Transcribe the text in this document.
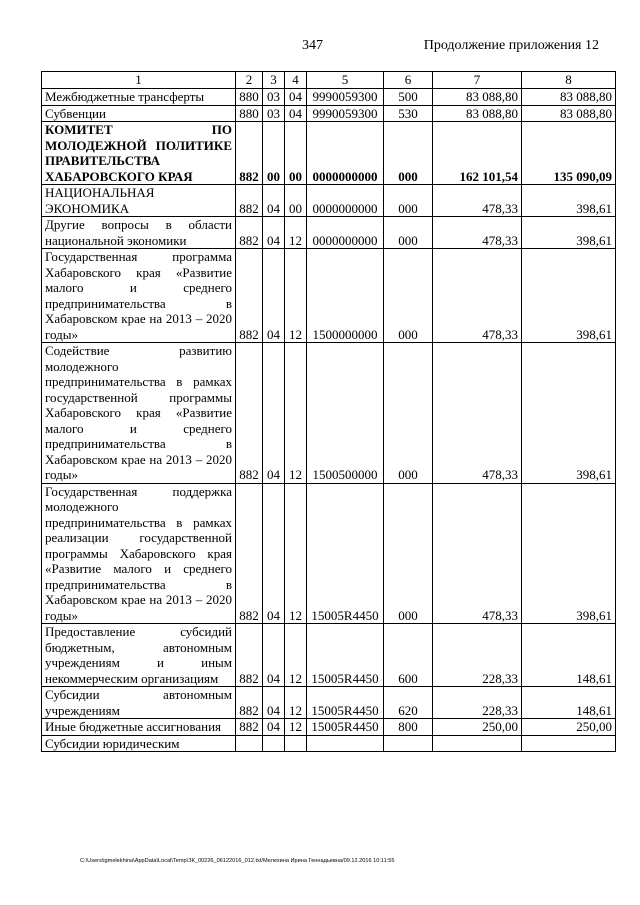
347	Продолжение приложения 12
1	2	3	4	5	6	7	8
Межбюджетные трансферты	880	03	04	9990059300	500	83 088,80	83 088,80
Субвенции	880	03	04	9990059300	530	83 088,80	83 088,80
КОМИТЕТ ПО МОЛОДЕЖНОЙ ПОЛИТИКЕ ПРАВИТЕЛЬСТВА ХАБАРОВСКОГО КРАЯ	882	00	00	0000000000	000	162 101,54	135 090,09
НАЦИОНАЛЬНАЯ ЭКОНОМИКА	882	04	00	0000000000	000	478,33	398,61
Другие вопросы в области национальной экономики	882	04	12	0000000000	000	478,33	398,61
Государственная программа Хабаровского края «Развитие малого и среднего предпринимательства в Хабаровском крае на 2013 – 2020 годы»	882	04	12	1500000000	000	478,33	398,61
Содействие развитию молодежного предпринимательства в рамках государственной программы Хабаровского края «Развитие малого и среднего предпринимательства в Хабаровском крае на 2013 – 2020 годы»	882	04	12	1500500000	000	478,33	398,61
Государственная поддержка молодежного предпринимательства в рамках реализации государственной программы Хабаровского края «Развитие малого и среднего предпринимательства в Хабаровском крае на 2013 – 2020 годы»	882	04	12	15005R4450	000	478,33	398,61
Предоставление субсидий бюджетным, автономным учреждениям и иным некоммерческим организациям	882	04	12	15005R4450	600	228,33	148,61
Субсидии автономным учреждениям	882	04	12	15005R4450	620	228,33	148,61
Иные бюджетные ассигнования	882	04	12	15005R4450	800	250,00	250,00
Субсидии юридическим							
C:\Users\igmelekhina\AppData\Local\Temp\ЗК_00226_06122016_012.txt/Мелехина Ирина Геннадьевна/09.12.2016 10:11:55
